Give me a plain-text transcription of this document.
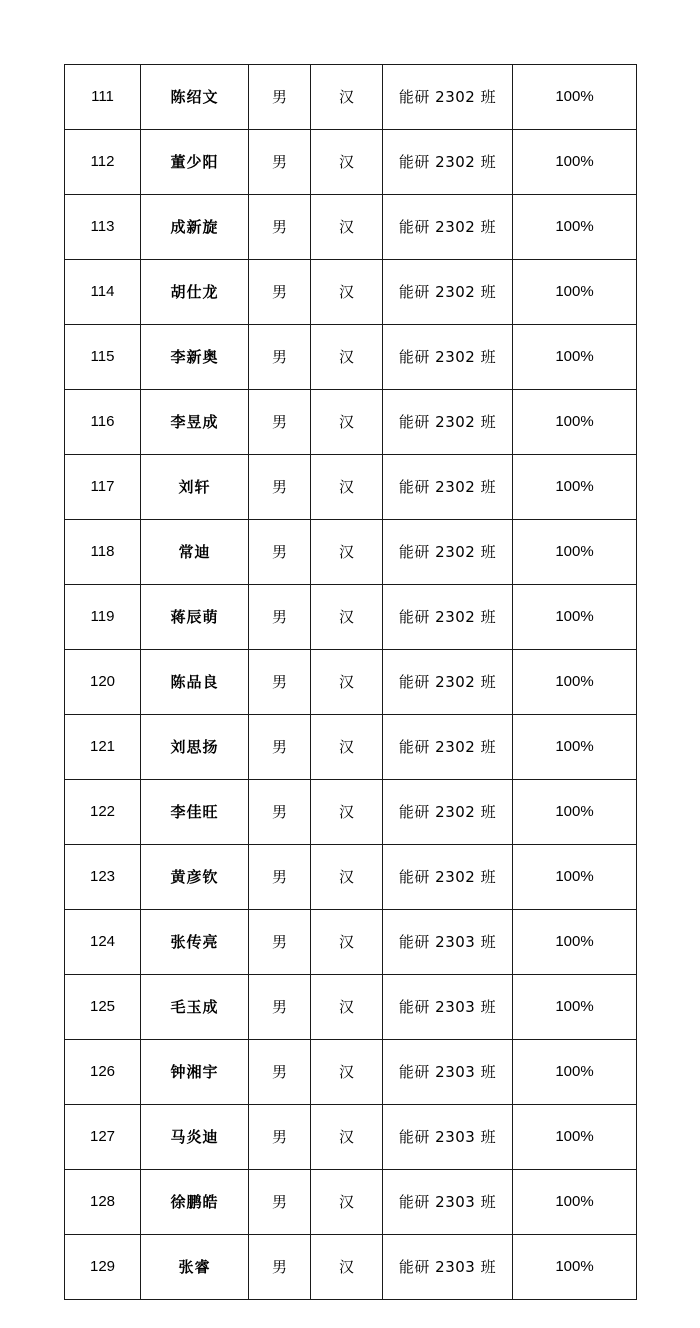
111	陈绍文	男	汉	能研 2302 班	100%
112	董少阳	男	汉	能研 2302 班	100%
113	成新旋	男	汉	能研 2302 班	100%
114	胡仕龙	男	汉	能研 2302 班	100%
115	李新奥	男	汉	能研 2302 班	100%
116	李昱成	男	汉	能研 2302 班	100%
117	刘轩	男	汉	能研 2302 班	100%
118	常迪	男	汉	能研 2302 班	100%
119	蒋辰萌	男	汉	能研 2302 班	100%
120	陈品良	男	汉	能研 2302 班	100%
121	刘思扬	男	汉	能研 2302 班	100%
122	李佳旺	男	汉	能研 2302 班	100%
123	黄彦钦	男	汉	能研 2302 班	100%
124	张传亮	男	汉	能研 2303 班	100%
125	毛玉成	男	汉	能研 2303 班	100%
126	钟湘宇	男	汉	能研 2303 班	100%
127	马炎迪	男	汉	能研 2303 班	100%
128	徐鹏皓	男	汉	能研 2303 班	100%
129	张睿	男	汉	能研 2303 班	100%
